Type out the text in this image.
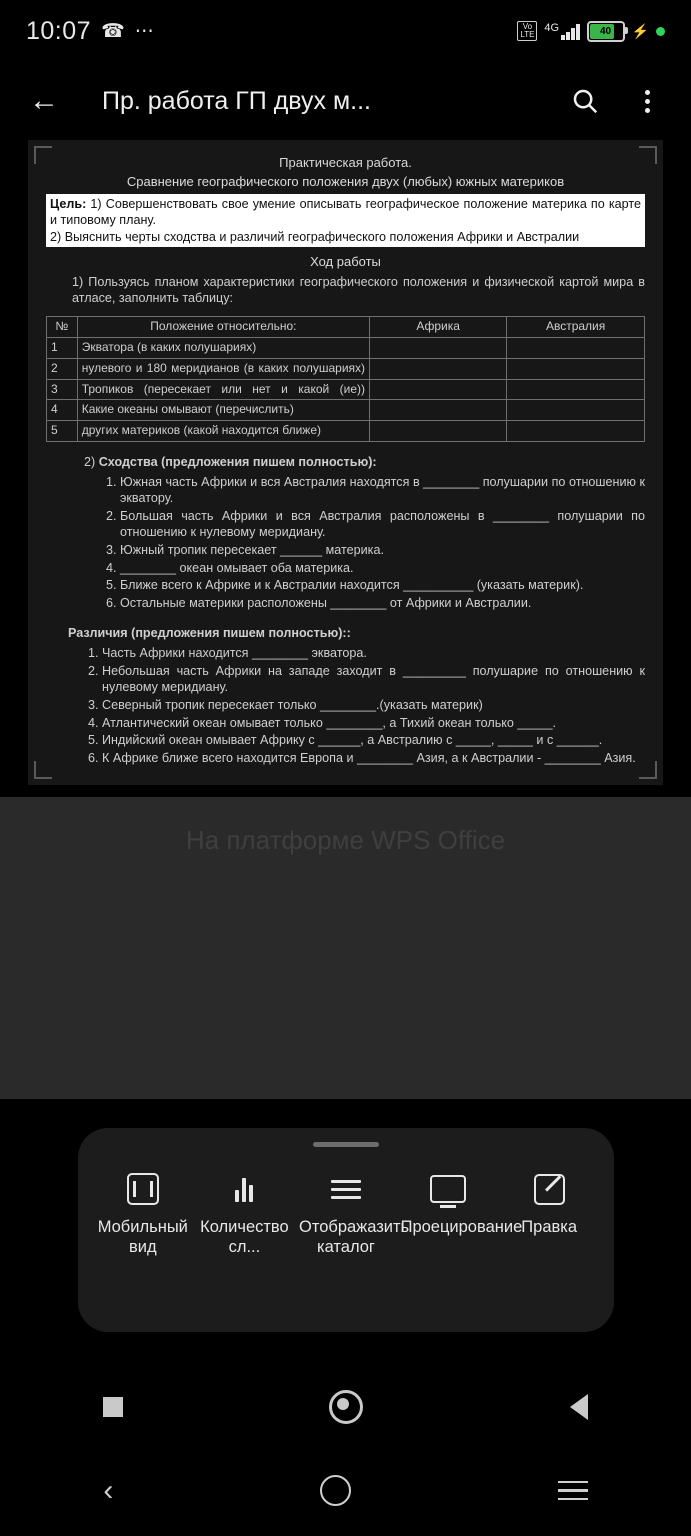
10:07 ☎ ⋯	Vo
LTE
4G	40 ⚡
←	Пр. работа ГП двух м...
Практическая работа.
Сравнение географического положения двух (любых) южных материков
Цель: 1) Совершенствовать свое умение описывать географическое положение материка по карте и типовому плану.
2) Выяснить черты сходства и различий географического положения Африки и Австралии
Ход работы
1) Пользуясь планом характеристики географического положения и физической картой мира в атласе, заполнить таблицу:
№	Положение относительно:	Африка	Австралия
1	Экватора (в каких полушариях)		
2	нулевого и 180 меридианов (в каких полушариях)		
3	Тропиков (пересекает или нет и какой (ие))		
4	Какие океаны омывают (перечислить)		
5	других материков (какой находится ближе)		
2) Сходства (предложения пишем полностью):
1. Южная часть Африки и вся Австралия находятся в ________ полушарии по отношению к экватору.
2. Большая часть Африки и вся Австралия расположены в ________ полушарии по отношению к нулевому меридиану.
3. Южный тропик пересекает ______ материка.
4. ________ океан омывает оба материка.
5. Ближе всего к Африке и к Австралии находится __________ (указать материк).
6. Остальные материки расположены ________ от Африки и Австралии.
Различия (предложения пишем полностью)::
1. Часть Африки находится ________ экватора.
2. Небольшая часть Африки на западе заходит в _________ полушарие по отношению к нулевому меридиану.
3. Северный тропик пересекает только ________.(указать материк)
4. Атлантический океан омывает только ________, а Тихий океан только _____.
5. Индийский океан омывает Африку с ______, а Австралию с _____, _____ и с ______.
6. К Африке ближе всего находится Европа и ________ Азия, а к Австралии - ________ Азия.
На платформе WPS Office
Мобильный вид
Количество сл...
Отображазить каталог
Проецирование Правка
‹
